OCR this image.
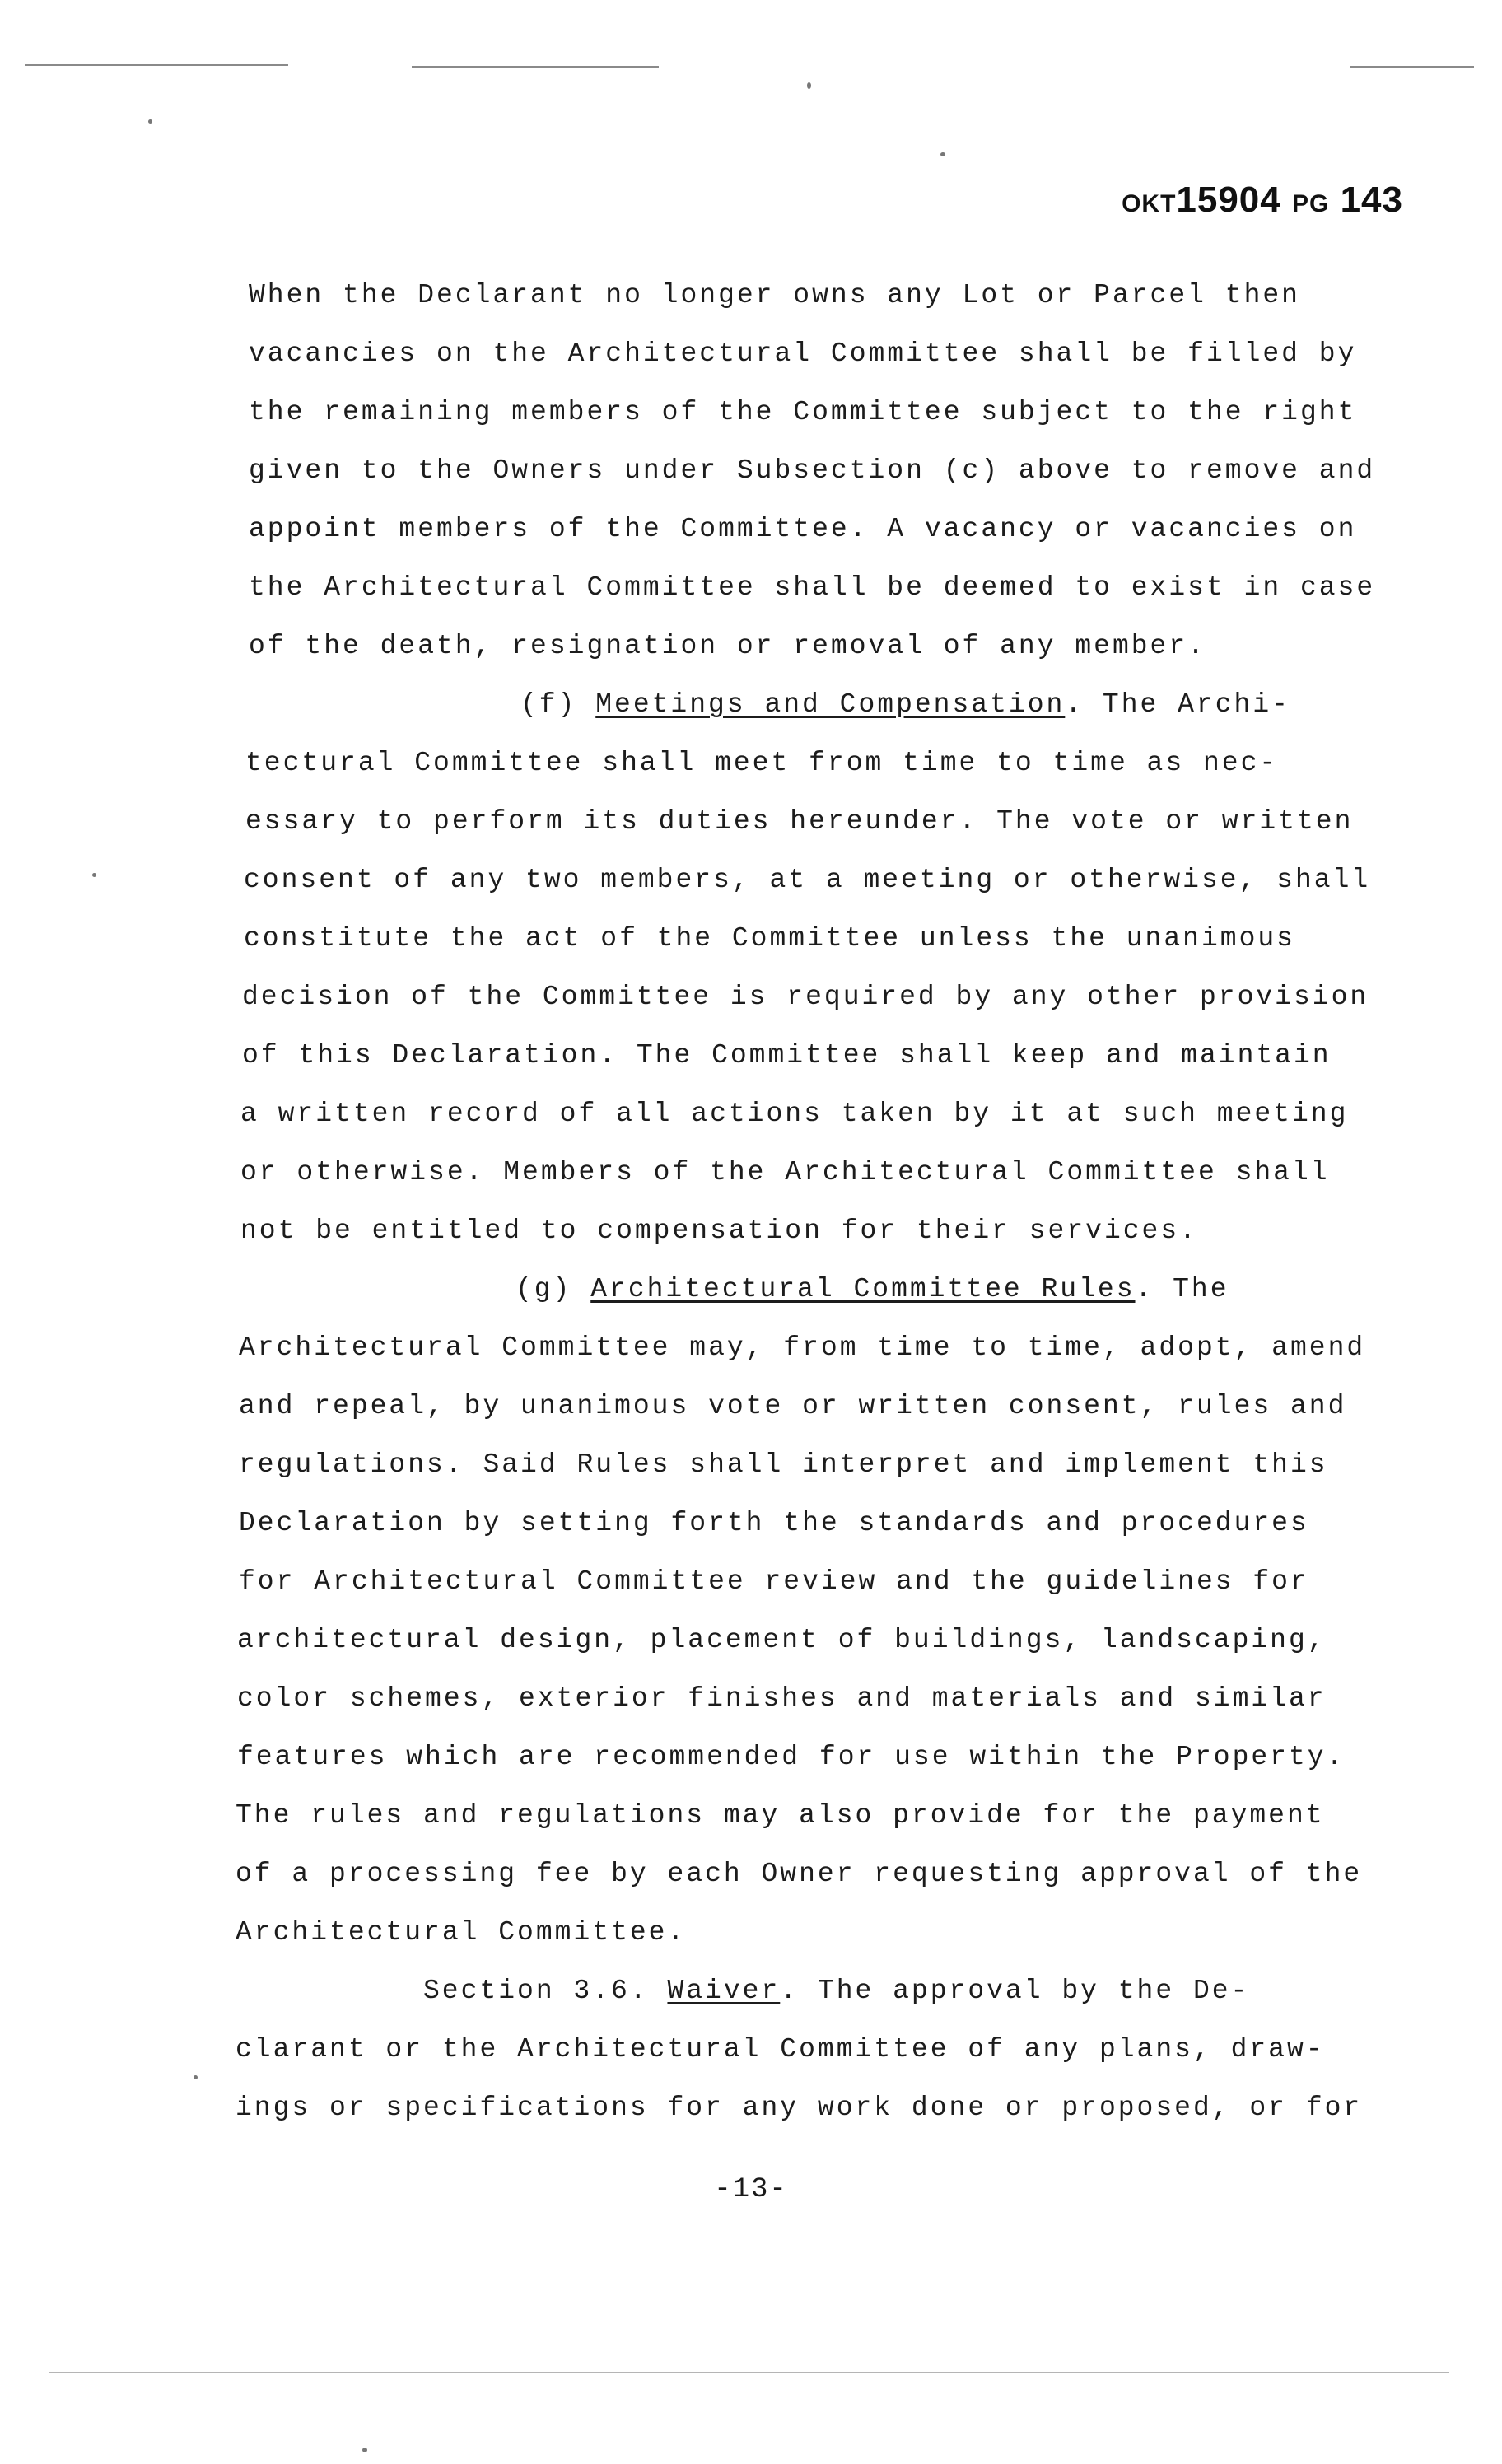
OKT15904 PG 143
When the Declarant no longer owns any Lot or Parcel then
vacancies on the Architectural Committee shall be filled by
the remaining members of the Committee subject to the right
given to the Owners under Subsection (c) above to remove and
appoint members of the Committee. A vacancy or vacancies on
the Architectural Committee shall be deemed to exist in case
of the death, resignation or removal of any member.
(f) Meetings and Compensation. The Archi-
tectural Committee shall meet from time to time as nec-
essary to perform its duties hereunder. The vote or written
consent of any two members, at a meeting or otherwise, shall
constitute the act of the Committee unless the unanimous
decision of the Committee is required by any other provision
of this Declaration. The Committee shall keep and maintain
a written record of all actions taken by it at such meeting
or otherwise. Members of the Architectural Committee shall
not be entitled to compensation for their services.
(g) Architectural Committee Rules. The
Architectural Committee may, from time to time, adopt, amend
and repeal, by unanimous vote or written consent, rules and
regulations. Said Rules shall interpret and implement this
Declaration by setting forth the standards and procedures
for Architectural Committee review and the guidelines for
architectural design, placement of buildings, landscaping,
color schemes, exterior finishes and materials and similar
features which are recommended for use within the Property.
The rules and regulations may also provide for the payment
of a processing fee by each Owner requesting approval of the
Architectural Committee.
Section 3.6. Waiver. The approval by the De-
clarant or the Architectural Committee of any plans, draw-
ings or specifications for any work done or proposed, or for
-13-
